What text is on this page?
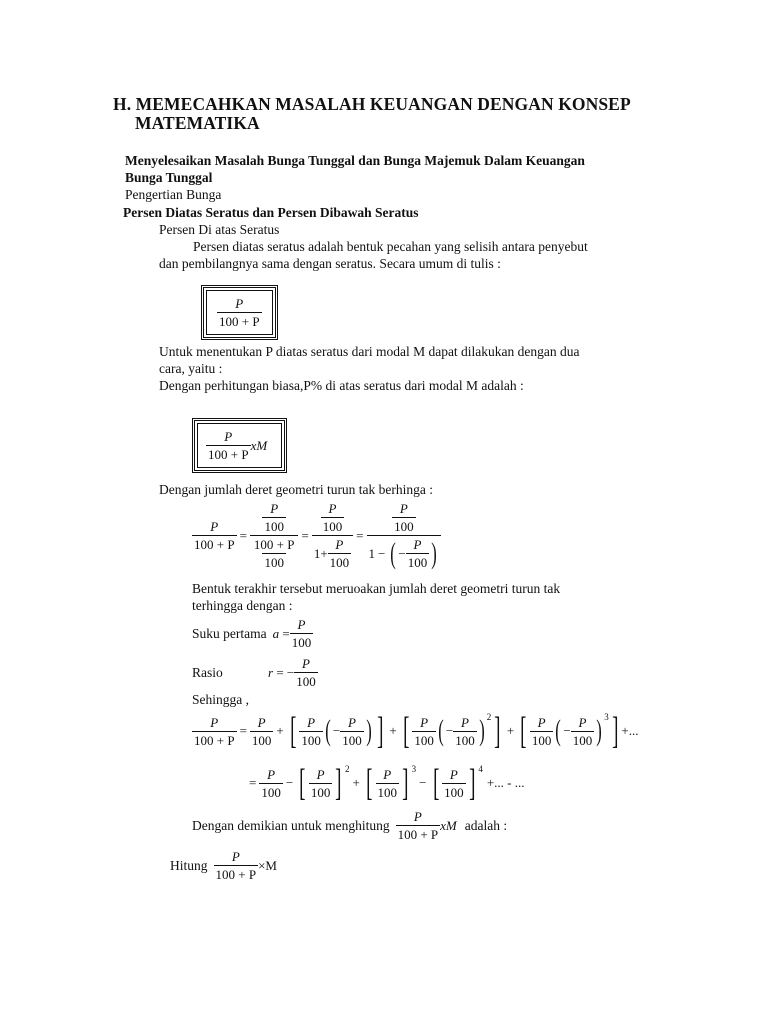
H. MEMECAHKAN MASALAH KEUANGAN DENGAN KONSEP
MATEMATIKA
Menyelesaikan Masalah Bunga Tunggal dan Bunga Majemuk Dalam Keuangan
Bunga Tunggal
Pengertian Bunga
Persen Diatas Seratus dan Persen Dibawah Seratus
Persen Di atas Seratus
Persen diatas seratus adalah bentuk pecahan yang selisih antara penyebut
dan pembilangnya sama dengan seratus. Secara umum di tulis :
$\frac{P}{100 + P}$
Untuk menentukan P diatas seratus dari modal M dapat dilakukan dengan dua
cara, yaitu :
Dengan perhitungan biasa,P% di atas seratus dari modal M adalah :
$\frac{P}{100 + P}$ xM
Dengan jumlah deret geometri turun tak berhinga :
$\frac{P}{100 + P} = \frac{\frac{P}{100}}{\frac{100 + P}{100}} = \frac{\frac{P}{100}}{1 + \frac{P}{100}} = \frac{\frac{P}{100}}{1 - ( - \frac{P}{100} )}$
Bentuk terakhir tersebut meruoakan jumlah deret geometri turun tak
terhingga dengan :
Suku pertama $a = \frac{P}{100}$
Rasio	r = − $\frac{P}{100}$
Sehingga ,
$\frac{P}{100 + P} = \frac{P}{100}$ + [ $\frac{P}{100}$ ( − $\frac{P}{100}$ ) ] + [ $\frac{P}{100}$ ( − $\frac{P}{100}$ ) $^2$ ] + [ $\frac{P}{100}$ ( − $\frac{P}{100}$ ) $^3$ ] +...
= $\frac{P}{100}$ − [ $\frac{P}{100}$ ] $^2$
+ [ $\frac{P}{100}$ ] $^3$
− [ $\frac{P}{100}$ ] $^4$
+... - ...
Dengan demikian untuk menghitung $\frac{P}{100 + P}$ xM adalah :
Hitung $\frac{P}{100 + P} \times M$
